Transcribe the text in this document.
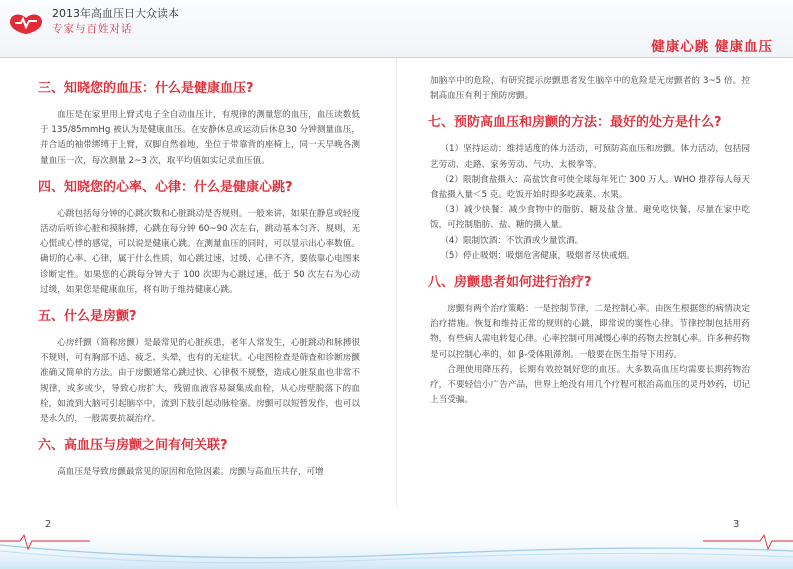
2013年高血压日大众读本
专家与百姓对话
健康心跳 健康血压
三、知晓您的血压：什么是健康血压?

血压是在家里用上臂式电子全自动血压计，有规律的测量您的血压，血压读数低于 135/85mmHg 被认为是健康血压。在安静休息或运动后休息30 分钟测量血压，并合适的袖带绑缚于上臂，双脚自然着地，坐位于带靠背的座椅上，同一天早晚各测量血压一次，每次测量 2~3 次，取平均值如实记录血压值。

四、知晓您的心率、心律：什么是健康心跳?

心跳包括每分钟的心跳次数和心脏跳动是否规则。一般来讲，如果在静息或轻度活动后听诊心脏和摸脉搏，心跳在每分钟 60~90 次左右，跳动基本匀齐、规则，无心慌或心悸的感觉，可以说是健康心跳。在测量血压的同时，可以显示出心率数值。确切的心率、心律，属于什么性质，如心跳过速、过缓、心律不齐，要依靠心电图来诊断定性。如果您的心跳每分钟大于 100 次即为心跳过速，低于 50 次左右为心动过缓，如果您是健康血压，将有助于维持健康心跳。

五、什么是房颤?

心房纤颤（简称房颤）是最常见的心脏疾患，老年人常发生，心脏跳动和脉搏很不规则，可有胸部不适、疲乏、头晕，也有的无症状。心电图检查是筛查和诊断房颤准确又简单的方法。由于房颤通常心跳过快、心律极不规整，造成心脏泵血也非常不规律，或多或少，导致心房扩大，残留血液容易凝集成血栓，从心房壁脱落下的血栓，如流到大脑可引起脑卒中，流到下肢引起动脉栓塞。房颤可以短暂发作，也可以是永久的，一般需要抗凝治疗。

六、高血压与房颤之间有何关联?

高血压是导致房颤最常见的原因和危险因素。房颤与高血压共存，可增

加脑卒中的危险，有研究提示房颤患者发生脑卒中的危险是无房颤者的 3~5 倍。控制高血压有利于预防房颤。

七、预防高血压和房颤的方法：最好的处方是什么?

（1）坚持运动：维持适度的体力活动，可预防高血压和房颤。体力活动，包括园艺劳动、走路、家务劳动、气功、太极拳等。

（2）限制食盐摄入：高盐饮食可使全球每年死亡 300 万人。WHO 推荐每人每天食盐摄入量＜5 克。吃饭开始时即多吃蔬菜、水果。

（3）减少快餐：减少食物中的脂肪、糖及盐含量。避免吃快餐，尽量在家中吃饭，可控制脂肪、盐、糖的摄入量。

（4）限制饮酒：不饮酒或少量饮酒。

（5）停止吸烟：吸烟危害健康，吸烟者尽快戒烟。

八、房颤患者如何进行治疗?

房颤有两个治疗策略：一是控制节律，二是控制心率。由医生根据您的病情决定治疗措施。恢复和维持正常的规则的心跳，即常说的窦性心律。节律控制包括用药物，有些病人需电转复心律。心率控制可用减慢心率的药物去控制心率。许多种药物是可以控制心率的，如 β-受体阻滞剂。一般要在医生指导下用药。

合理使用降压药，长期有效控制好您的血压。大多数高血压均需要长期药物治疗，不要轻信小广告产品，世界上绝没有用几个疗程可根治高血压的灵丹妙药，切记上当受骗。

2	3
